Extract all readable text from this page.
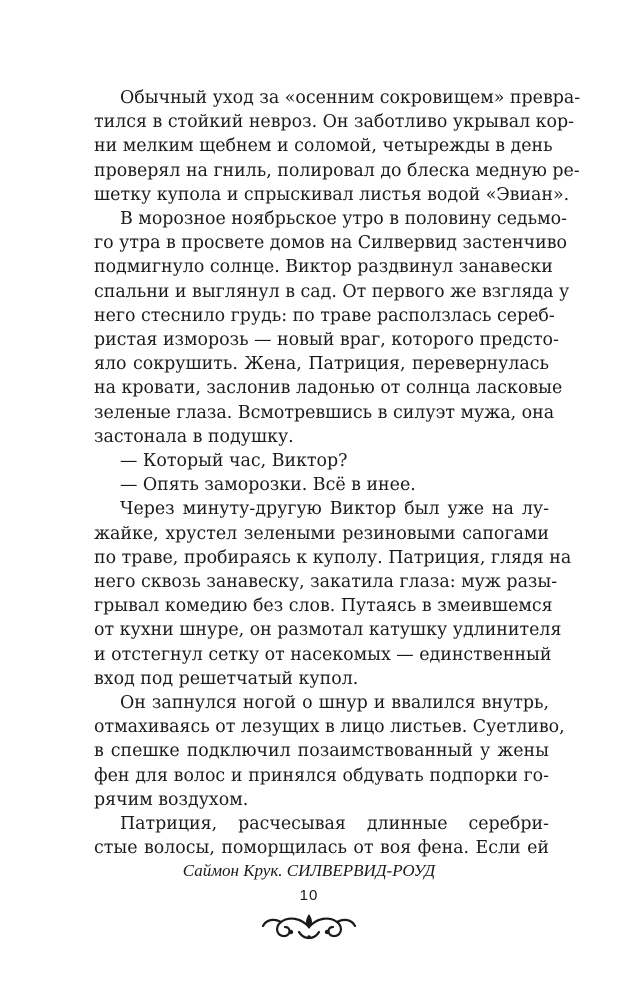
Обычный уход за «осенним сокровищем» превра-
тился в стойкий невроз. Он заботливо укрывал кор-
ни мелким щебнем и соломой, четырежды в день
проверял на гниль, полировал до блеска медную ре-
шетку купола и спрыскивал листья водой «Эвиан».
В морозное ноябрьское утро в половину седьмо-
го утра в просвете домов на Силвервид застенчиво
подмигнуло солнце. Виктор раздвинул занавески
спальни и выглянул в сад. От первого же взгляда у
него стеснило грудь: по траве расползлась сереб-
ристая изморозь — новый враг, которого предсто-
яло сокрушить. Жена, Патриция, перевернулась
на кровати, заслонив ладонью от солнца ласковые
зеленые глаза. Всмотревшись в силуэт мужа, она
застонала в подушку.
— Который час, Виктор?
— Опять заморозки. Всё в инее.
Через минуту-другую Виктор был уже на лу-
жайке, хрустел зелеными резиновыми сапогами
по траве, пробираясь к куполу. Патриция, глядя на
него сквозь занавеску, закатила глаза: муж разы-
грывал комедию без слов. Путаясь в змеившемся
от кухни шнуре, он размотал катушку удлинителя
и отстегнул сетку от насекомых — единственный
вход под решетчатый купол.
Он запнулся ногой о шнур и ввалился внутрь,
отмахиваясь от лезущих в лицо листьев. Суетливо,
в спешке подключил позаимствованный у жены
фен для волос и принялся обдувать подпорки го-
рячим воздухом.
Патриция, расчесывая длинные серебри-
стые волосы, поморщилась от воя фена. Если ей
Саймон Крук. СИЛВЕРВИД-РОУД
10
